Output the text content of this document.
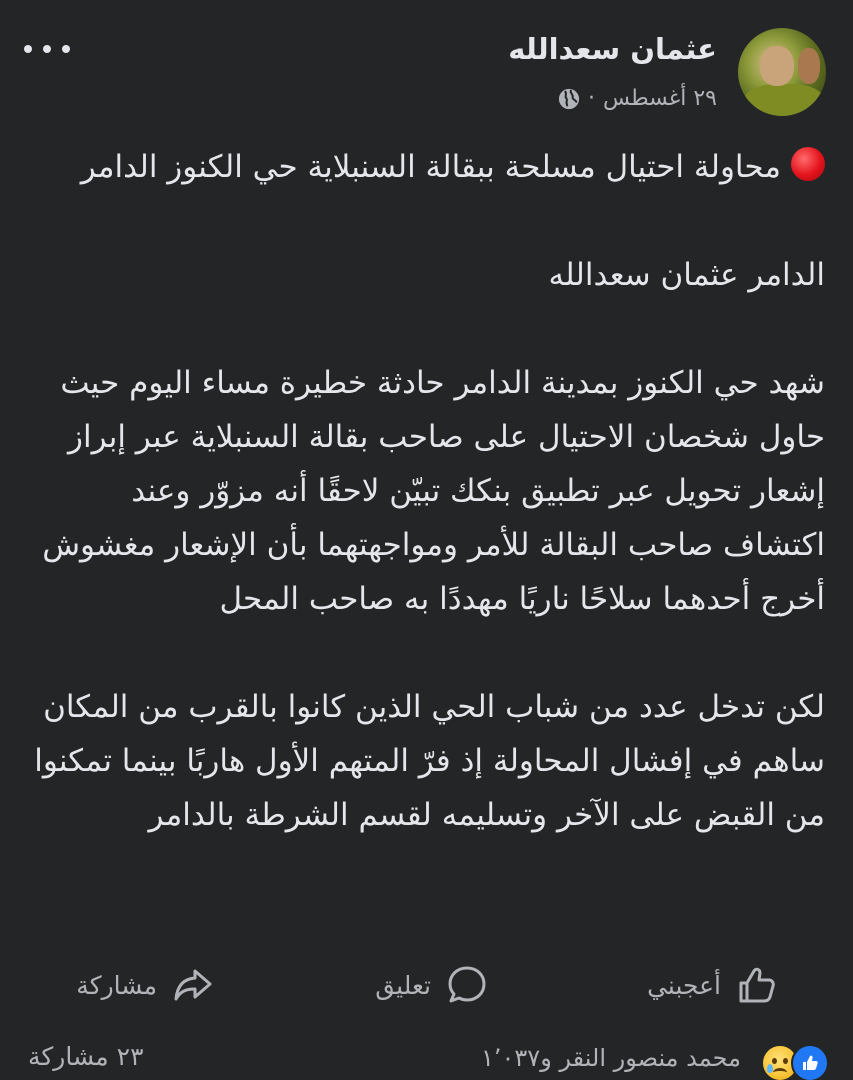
عثمان سعدالله
٢٩ أغسطس
·

محاولة احتيال مسلحة ببقالة السنبلاية حي الكنوز الدامر

الدامر عثمان سعدالله

شهد حي الكنوز بمدينة الدامر حادثة خطيرة مساء اليوم حيث حاول شخصان الاحتيال على صاحب بقالة السنبلاية عبر إبراز إشعار تحويل عبر تطبيق بنكك تبيّن لاحقًا أنه مزوّر وعند اكتشاف صاحب البقالة للأمر ومواجهتهما بأن الإشعار مغشوش أخرج أحدهما سلاحًا ناريًا مهددًا به صاحب المحل

لكن تدخل عدد من شباب الحي الذين كانوا بالقرب من المكان ساهم في إفشال المحاولة إذ فرّ المتهم الأول هاربًا بينما تمكنوا من القبض على الآخر وتسليمه لقسم الشرطة بالدامر

أعجبني
تعليق
مشاركة
محمد منصور النقر و١٬٠٣٧
٢٣ مشاركة
